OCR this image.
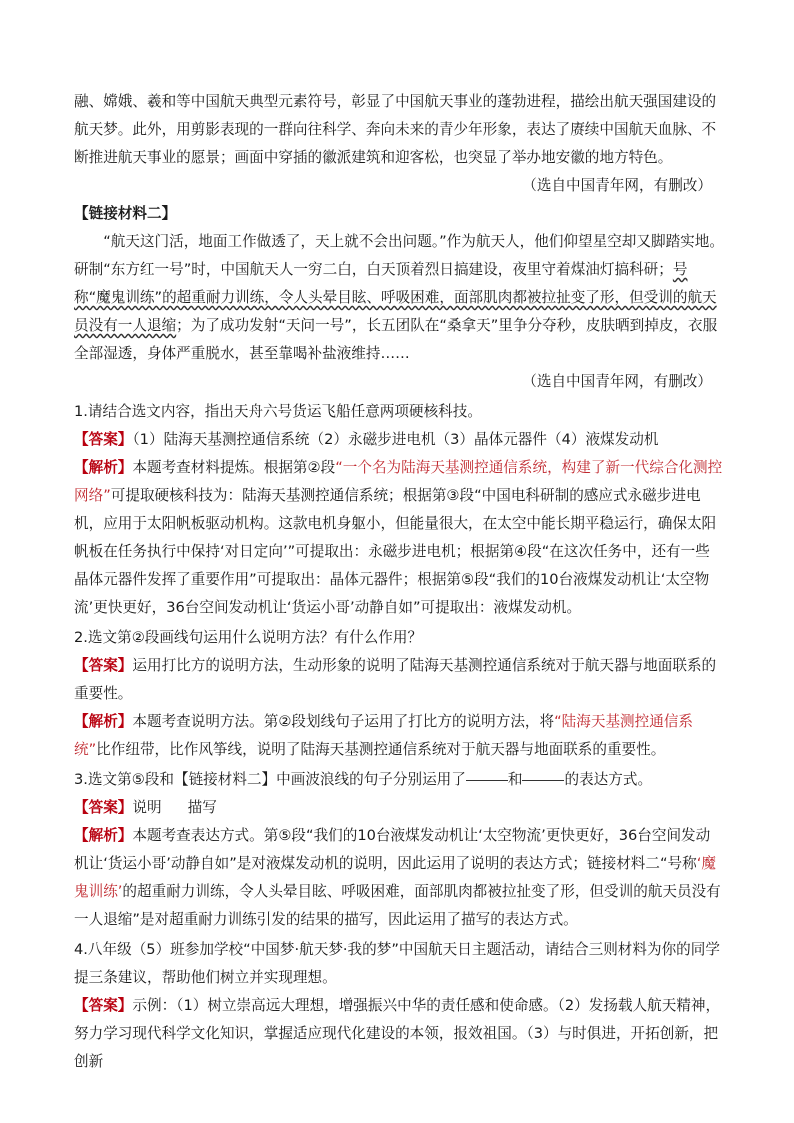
融、嫦娥、羲和等中国航天典型元素符号，彰显了中国航天事业的蓬勃进程，描绘出航天强国建设的航天梦。此外，用剪影表现的一群向往科学、奔向未来的青少年形象，表达了赓续中国航天血脉、不断推进航天事业的愿景；画面中穿插的徽派建筑和迎客松，也突显了举办地安徽的地方特色。

（选自中国青年网，有删改）

【链接材料二】

“航天这门活，地面工作做透了，天上就不会出问题。”作为航天人，他们仰望星空却又脚踏实地。研制“东方红一号”时，中国航天人一穷二白，白天顶着烈日搞建设，夜里守着煤油灯搞科研；号称“魔鬼训练”的超重耐力训练，令人头晕目眩、呼吸困难，面部肌肉都被拉扯变了形，但受训的航天员没有一人退缩；为了成功发射“天问一号”，长五团队在“桑拿天”里争分夺秒，皮肤晒到掉皮，衣服全部湿透，身体严重脱水，甚至靠喝补盐液维持……

（选自中国青年网，有删改）

1.请结合选文内容，指出天舟六号货运飞船任意两项硬核科技。

【答案】（1）陆海天基测控通信系统（2）永磁步进电机（3）晶体元器件（4）液煤发动机

【解析】本题考查材料提炼。根据第②段“一个名为陆海天基测控通信系统，构建了新一代综合化测控网络”可提取硬核科技为：陆海天基测控通信系统；根据第③段“中国电科研制的感应式永磁步进电机，应用于太阳帆板驱动机构。这款电机身躯小，但能量很大，在太空中能长期平稳运行，确保太阳帆板在任务执行中保持‘对日定向’”可提取出：永磁步进电机；根据第④段“在这次任务中，还有一些晶体元器件发挥了重要作用”可提取出：晶体元器件；根据第⑤段“我们的10台液煤发动机让‘太空物流’更快更好，36台空间发动机让‘货运小哥’动静自如”可提取出：液煤发动机。

2.选文第②段画线句运用什么说明方法？有什么作用？

【答案】运用打比方的说明方法，生动形象的说明了陆海天基测控通信系统对于航天器与地面联系的重要性。

【解析】本题考查说明方法。第②段划线句子运用了打比方的说明方法，将“陆海天基测控通信系统”比作纽带，比作风筝线，说明了陆海天基测控通信系统对于航天器与地面联系的重要性。

3.选文第⑤段和【链接材料二】中画波浪线的句子分别运用了	和	的表达方式。

【答案】说明 描写

【解析】本题考查表达方式。第⑤段“我们的10台液煤发动机让‘太空物流’更快更好，36台空间发动机让‘货运小哥’动静自如”是对液煤发动机的说明，因此运用了说明的表达方式；链接材料二“号称‘魔鬼训练’的超重耐力训练，令人头晕目眩、呼吸困难，面部肌肉都被拉扯变了形，但受训的航天员没有一人退缩”是对超重耐力训练引发的结果的描写，因此运用了描写的表达方式。

4.八年级（5）班参加学校“中国梦·航天梦·我的梦”中国航天日主题活动，请结合三则材料为你的同学提三条建议，帮助他们树立并实现理想。

【答案】示例：（1）树立崇高远大理想，增强振兴中华的责任感和使命感。（2）发扬载人航天精神，努力学习现代科学文化知识，掌握适应现代化建设的本领，报效祖国。（3）与时俱进，开拓创新，把创新
